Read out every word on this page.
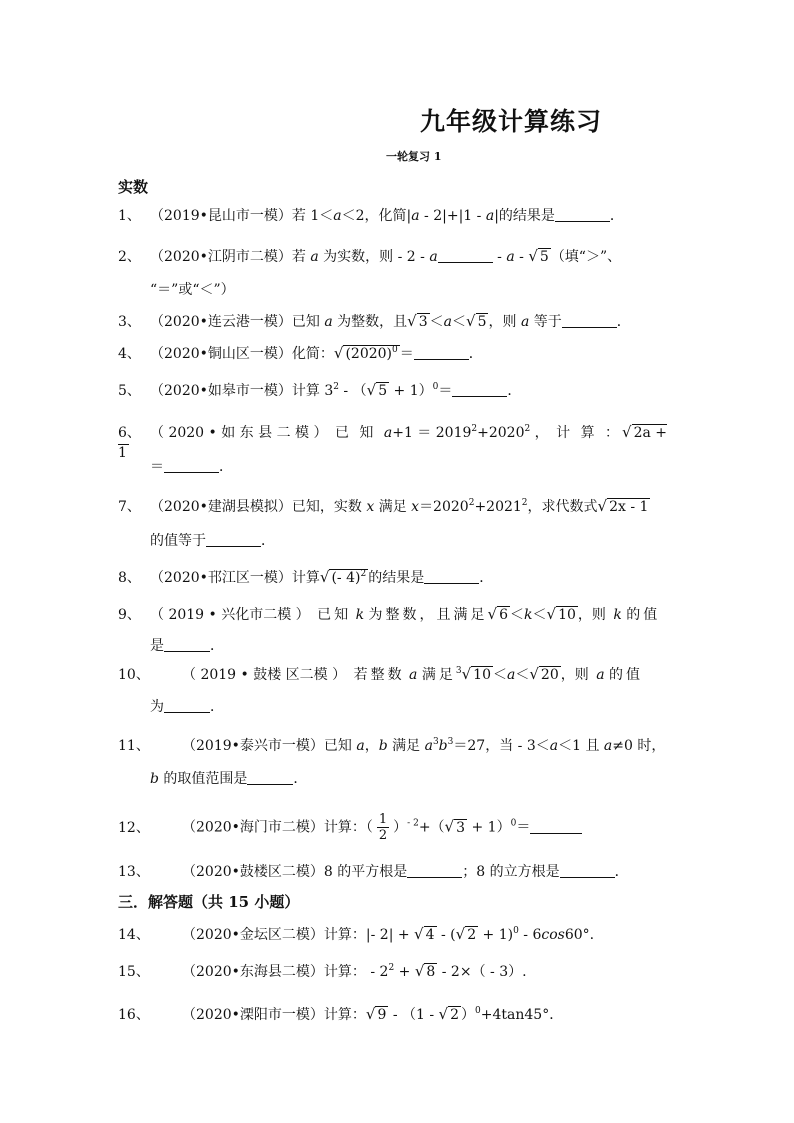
九年级计算练习
一轮复习 1
实数
1、 （2019•昆山市一模）若 1＜a＜2，化简|a - 2|+|1 - a|的结果是	．
2、 （2020•江阴市二模）若 a 为实数，则 - 2 - a	- a - √ 5 （填“＞”、
“＝”或“＜”）
3、 （2020•连云港一模）已知 a 为整数，且√ 3 ＜a＜√ 5 ，则 a 等于	．
4、 （2020•铜山区一模）化简：√ $(2020)^0$ ＝	．
5、 （2020•如皋市一模）计算 $3^2$ - （√ 5 + 1）$^0$＝	．
6、 （ 2020 • 如 东 县 二 模 ） 已 知 $a+1 = 2019^2+2020^2$ ， 计 算 ：√ 2a + 1
＝	．
7、 （2020•建湖县模拟）已知，实数 x 满足 $x=2020^2+2021^2$，求代数式√ 2x - 1
的值等于	．
8、 （2020•邗江区一模）计算√ (- 4)$^2$ 的结果是	．
9、 （ 2019 • 兴化市二模 ） 已知 k 为整数，且满足√ 6 ＜k＜√ 10 ，则 k 的值
是	．
10、 （ 2019 • 鼓楼 区二模 ） 若整数 a 满足$^3$√ 10 ＜a＜√ 20 ，则 a 的值
为	．
11、 （2019•泰兴市一模）已知 a，b 满足 $a^3b^3=27$，当 - 3＜a＜1 且 a≠0 时，
b 的取值范围是	．
12、 （2020•海门市二模）计算：（ $\frac{1}{2} )^{- 2}+(√$ 3 + 1）$^0$＝
13、 （2020•鼓楼区二模）8 的平方根是	；8 的立方根是	．
三．解答题（共 15 小题）
14、 （2020•金坛区二模）计算：|- 2| + √ 4 - (√ 2 + 1)$^0$ - 6cos60°.
15、 （2020•东海县二模）计算： - $2^2$ + √ 8 - 2×（ - 3）.
16、 （2020•溧阳市一模）计算：√ 9 - （1 - √ 2 ）$^0$+4tan45°．
